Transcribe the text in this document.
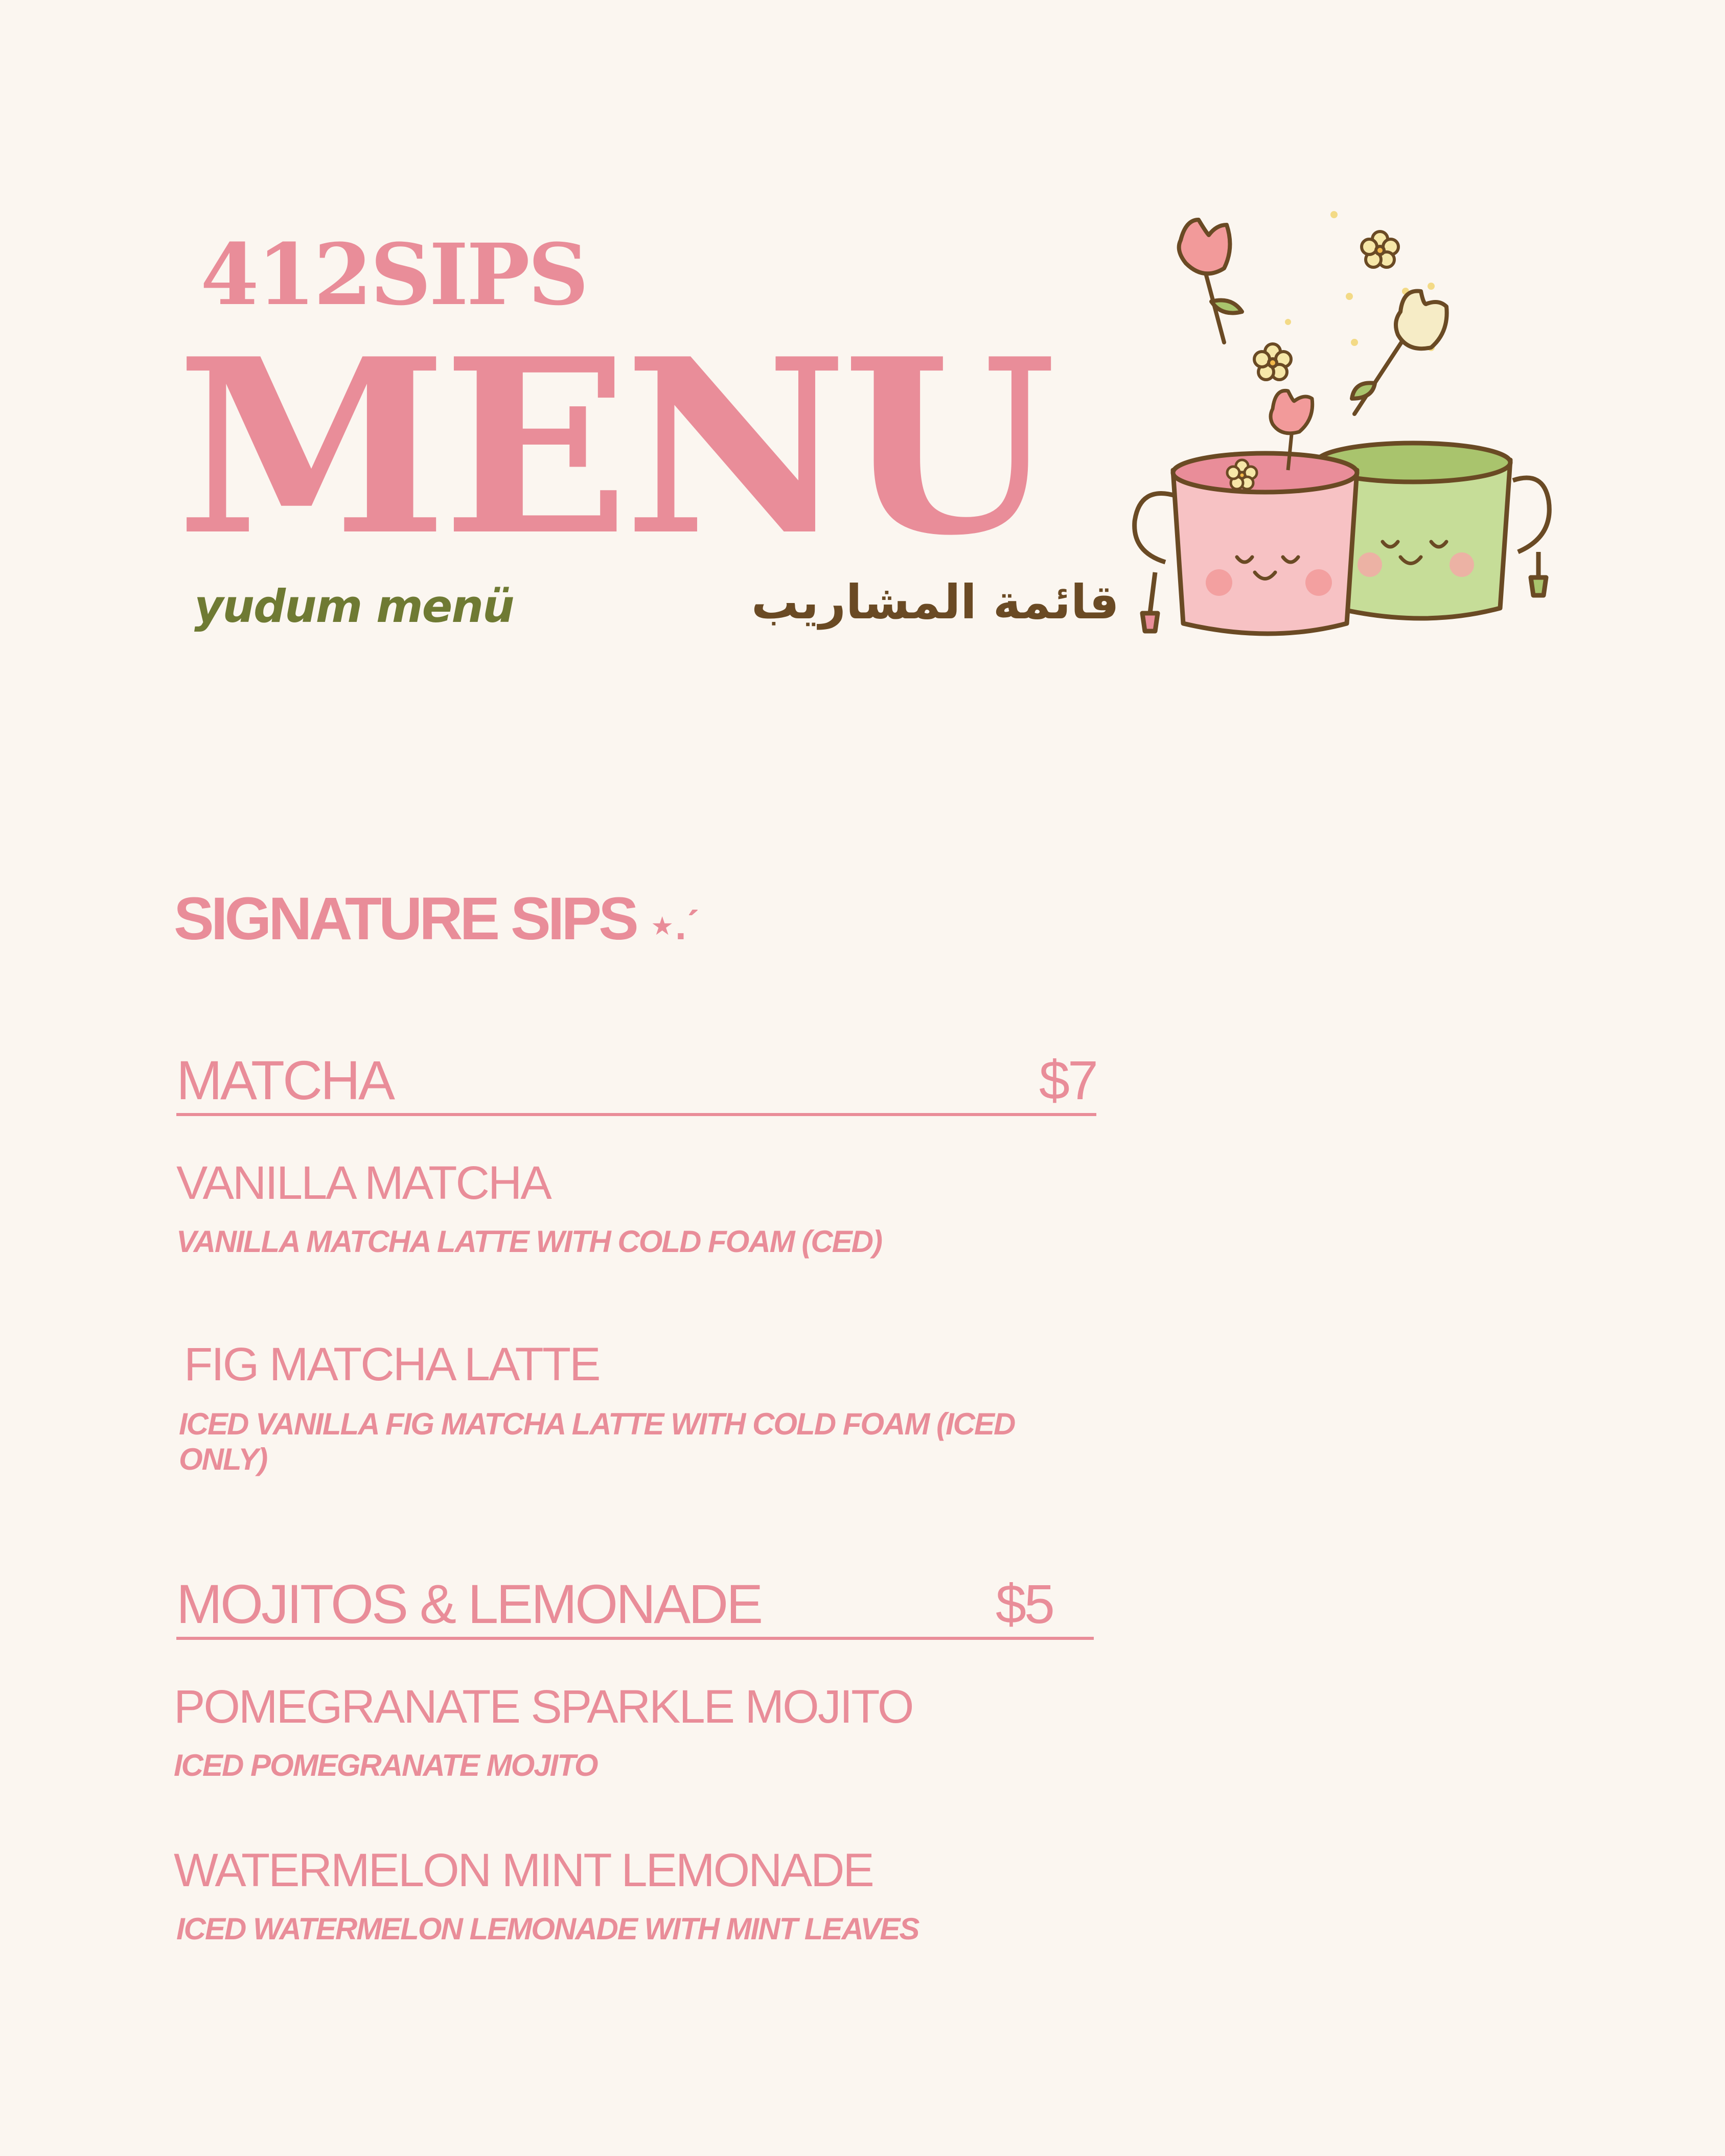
412SIPS
MENU
yudum menü	قائمة المشاريب
SIGNATURE SIPS ⋆.ˊ
MATCHA	$7
VANILLA MATCHA
VANILLA MATCHA LATTE WITH COLD FOAM (CED)
FIG MATCHA LATTE
ICED VANILLA FIG MATCHA LATTE WITH COLD FOAM (ICED ONLY)
MOJITOS & LEMONADE	$5
POMEGRANATE SPARKLE MOJITO
ICED POMEGRANATE MOJITO
WATERMELON MINT LEMONADE
ICED WATERMELON LEMONADE WITH MINT LEAVES
